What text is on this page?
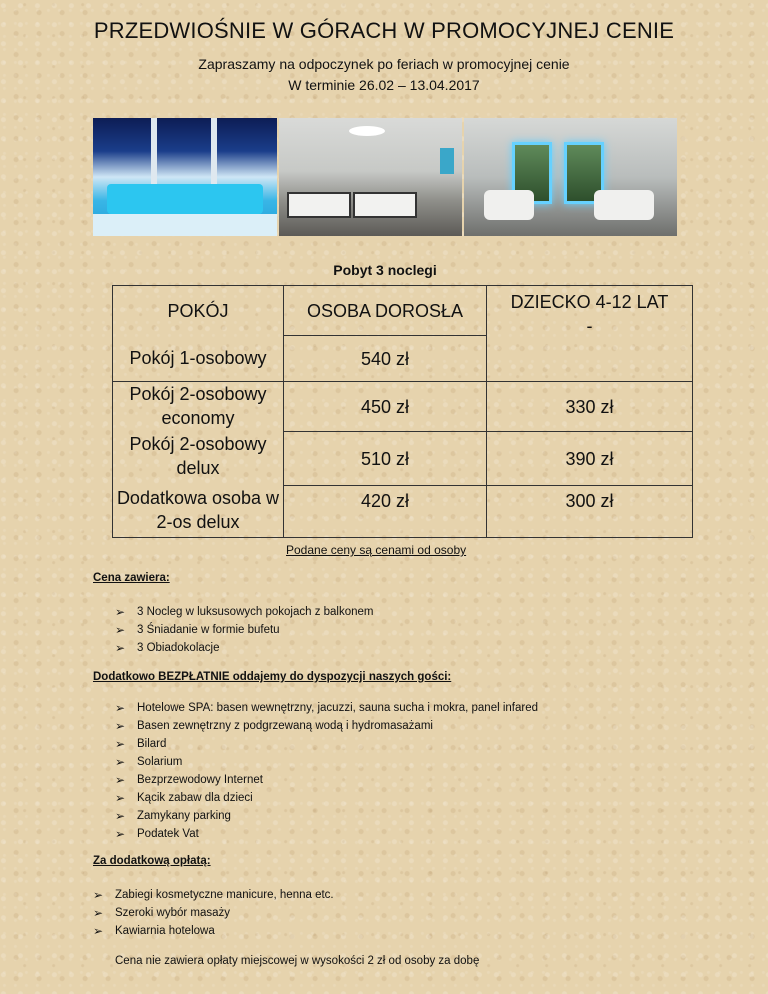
PRZEDWIOŚNIE W GÓRACH W PROMOCYJNEJ CENIE
Zapraszamy na odpoczynek po feriach w promocyjnej cenie
W terminie 26.02 – 13.04.2017
Pobyt 3 noclegi
POKÓJ	OSOBA DOROSŁA	DZIECKO 4-12 LAT
-

Pokój 1-osobowy	540 zł	
Pokój 2-osobowy economy	450 zł	330 zł
Pokój 2-osobowy delux	510 zł	390 zł
Dodatkowa osoba w 2-os delux	420 zł	300 zł
Podane ceny są cenami od osoby
Cena zawiera:
➢ 3 Nocleg w luksusowych pokojach z balkonem
➢ 3 Śniadanie w formie bufetu
➢ 3 Obiadokolacje
Dodatkowo BEZPŁATNIE oddajemy do dyspozycji naszych gości:
➢ Hotelowe SPA: basen wewnętrzny, jacuzzi, sauna sucha i mokra, panel infared
➢ Basen zewnętrzny z podgrzewaną wodą i hydromasażami
➢ Bilard
➢ Solarium
➢ Bezprzewodowy Internet
➢ Kącik zabaw dla dzieci
➢ Zamykany parking
➢ Podatek Vat
Za dodatkową opłatą:
➢ Zabiegi kosmetyczne manicure, henna etc.
➢ Szeroki wybór masaży
➢ Kawiarnia hotelowa
Cena nie zawiera opłaty miejscowej w wysokości 2 zł od osoby za dobę
